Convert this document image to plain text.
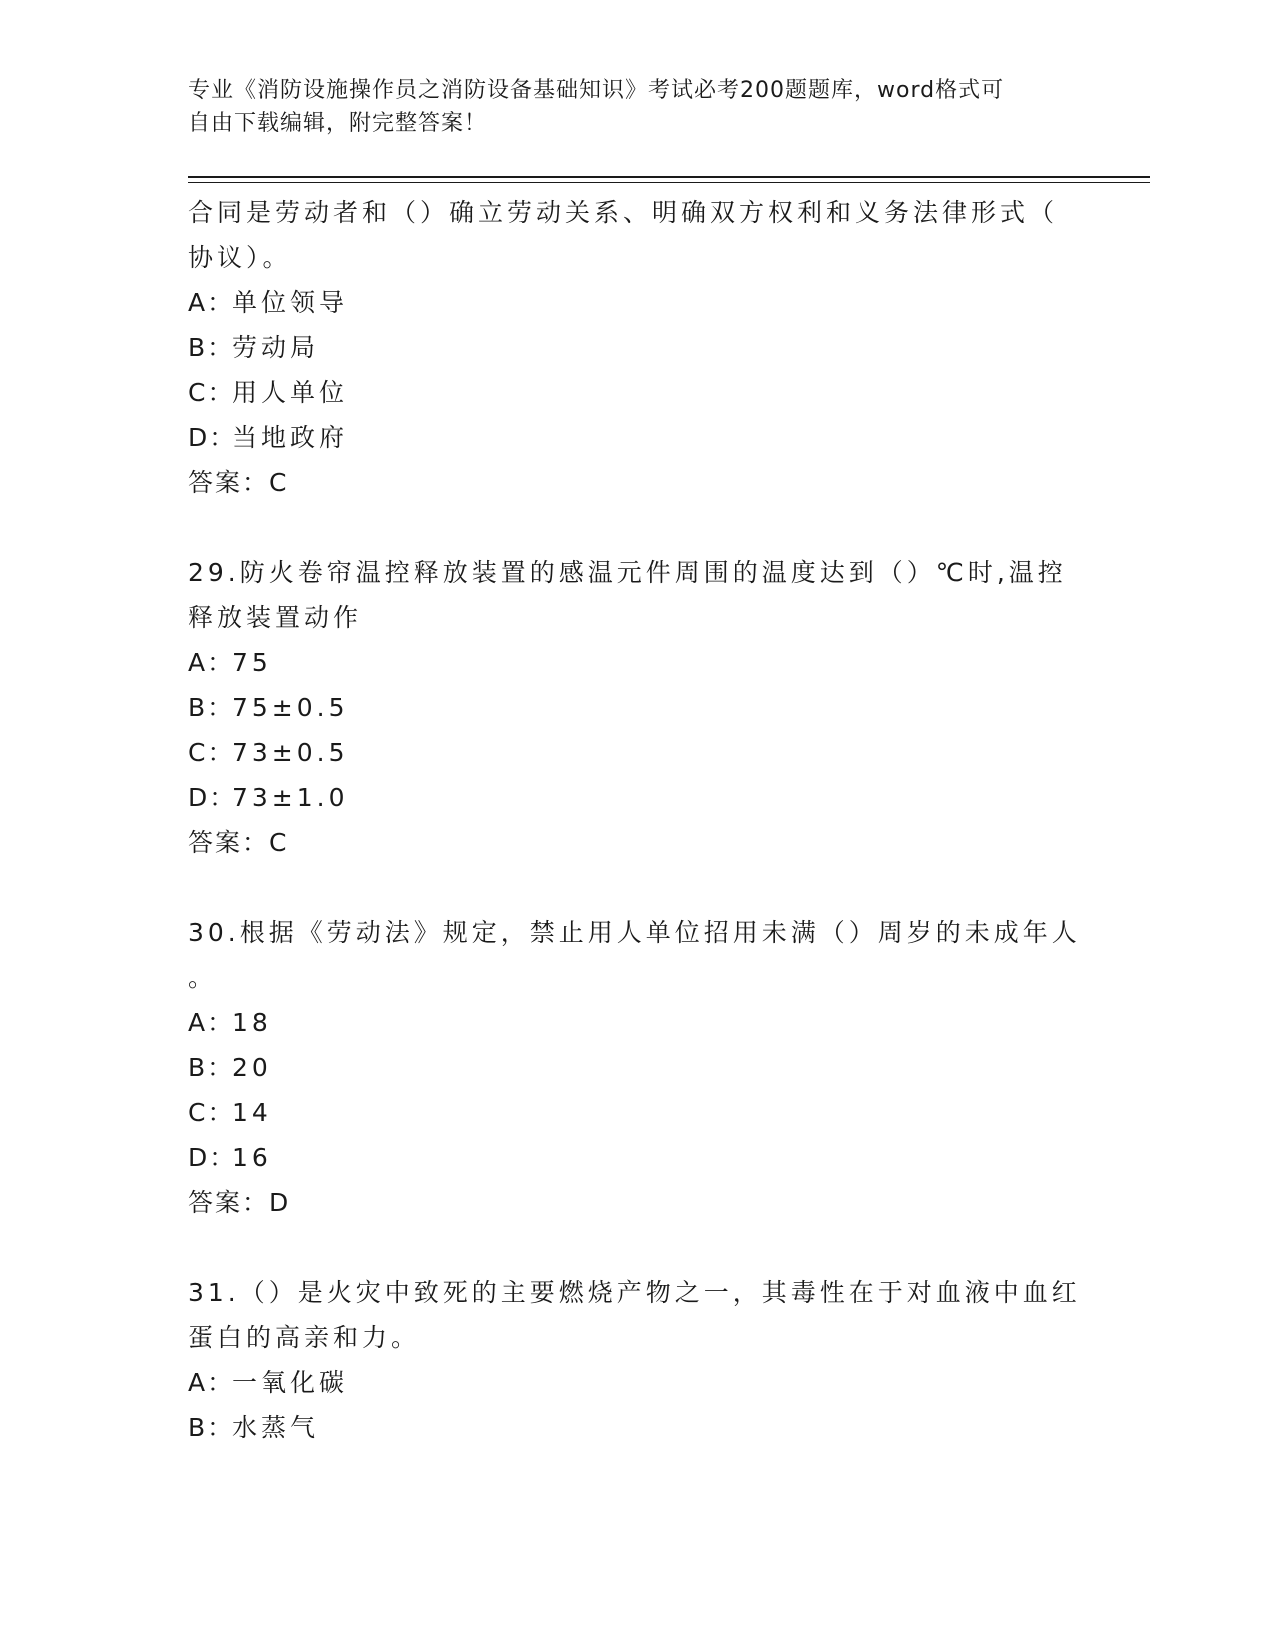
专业《消防设施操作员之消防设备基础知识》考试必考200题题库，word格式可
自由下载编辑，附完整答案！
合同是劳动者和（）确立劳动关系、明确双方权利和义务法律形式（
协议）。
A：单位领导
B：劳动局
C：用人单位
D：当地政府
答案：C
29.防火卷帘温控释放装置的感温元件周围的温度达到（）℃时,温控
释放装置动作
A：75
B：75±0.5
C：73±0.5
D：73±1.0
答案：C
30.根据《劳动法》规定，禁止用人单位招用未满（）周岁的未成年人
。
A：18
B：20
C：14
D：16
答案：D
31.（）是火灾中致死的主要燃烧产物之一，其毒性在于对血液中血红
蛋白的高亲和力。
A：一氧化碳
B：水蒸气
